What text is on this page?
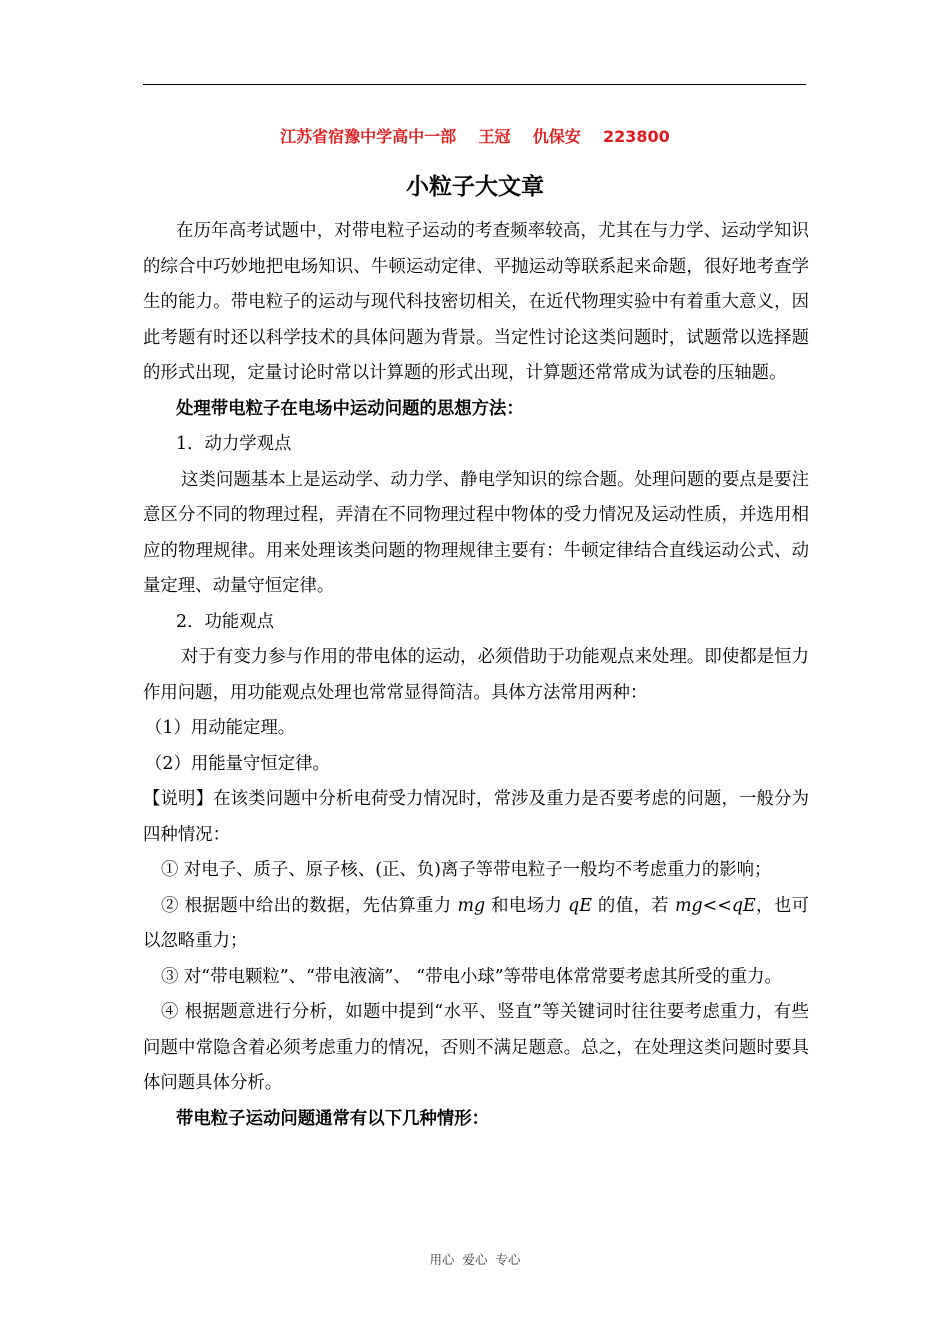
江苏省宿豫中学高中一部    王冠    仇保安    223800
小粒子大文章

在历年高考试题中，对带电粒子运动的考查频率较高，尤其在与力学、运动学知识的综合中巧妙地把电场知识、牛顿运动定律、平抛运动等联系起来命题，很好地考查学生的能力。带电粒子的运动与现代科技密切相关，在近代物理实验中有着重大意义，因此考题有时还以科学技术的具体问题为背景。当定性讨论这类问题时，试题常以选择题的形式出现，定量讨论时常以计算题的形式出现，计算题还常常成为试卷的压轴题。

处理带电粒子在电场中运动问题的思想方法：

1．动力学观点

这类问题基本上是运动学、动力学、静电学知识的综合题。处理问题的要点是要注意区分不同的物理过程，弄清在不同物理过程中物体的受力情况及运动性质，并选用相应的物理规律。用来处理该类问题的物理规律主要有：牛顿定律结合直线运动公式、动量定理、动量守恒定律。

2．功能观点

对于有变力参与作用的带电体的运动，必须借助于功能观点来处理。即使都是恒力作用问题，用功能观点处理也常常显得简洁。具体方法常用两种：

（1）用动能定理。

（2）用能量守恒定律。

【说明】在该类问题中分析电荷受力情况时，常涉及重力是否要考虑的问题，一般分为四种情况：

① 对电子、质子、原子核、(正、负)离子等带电粒子一般均不考虑重力的影响；

② 根据题中给出的数据，先估算重力 mg 和电场力 qE 的值，若 mg<<qE，也可以忽略重力；

③ 对“带电颗粒”、“带电液滴”、 “带电小球”等带电体常常要考虑其所受的重力。

④ 根据题意进行分析，如题中提到“水平、竖直”等关键词时往往要考虑重力，有些问题中常隐含着必须考虑重力的情况，否则不满足题意。总之，在处理这类问题时要具体问题具体分析。

带电粒子运动问题通常有以下几种情形：

用心  爱心  专心
